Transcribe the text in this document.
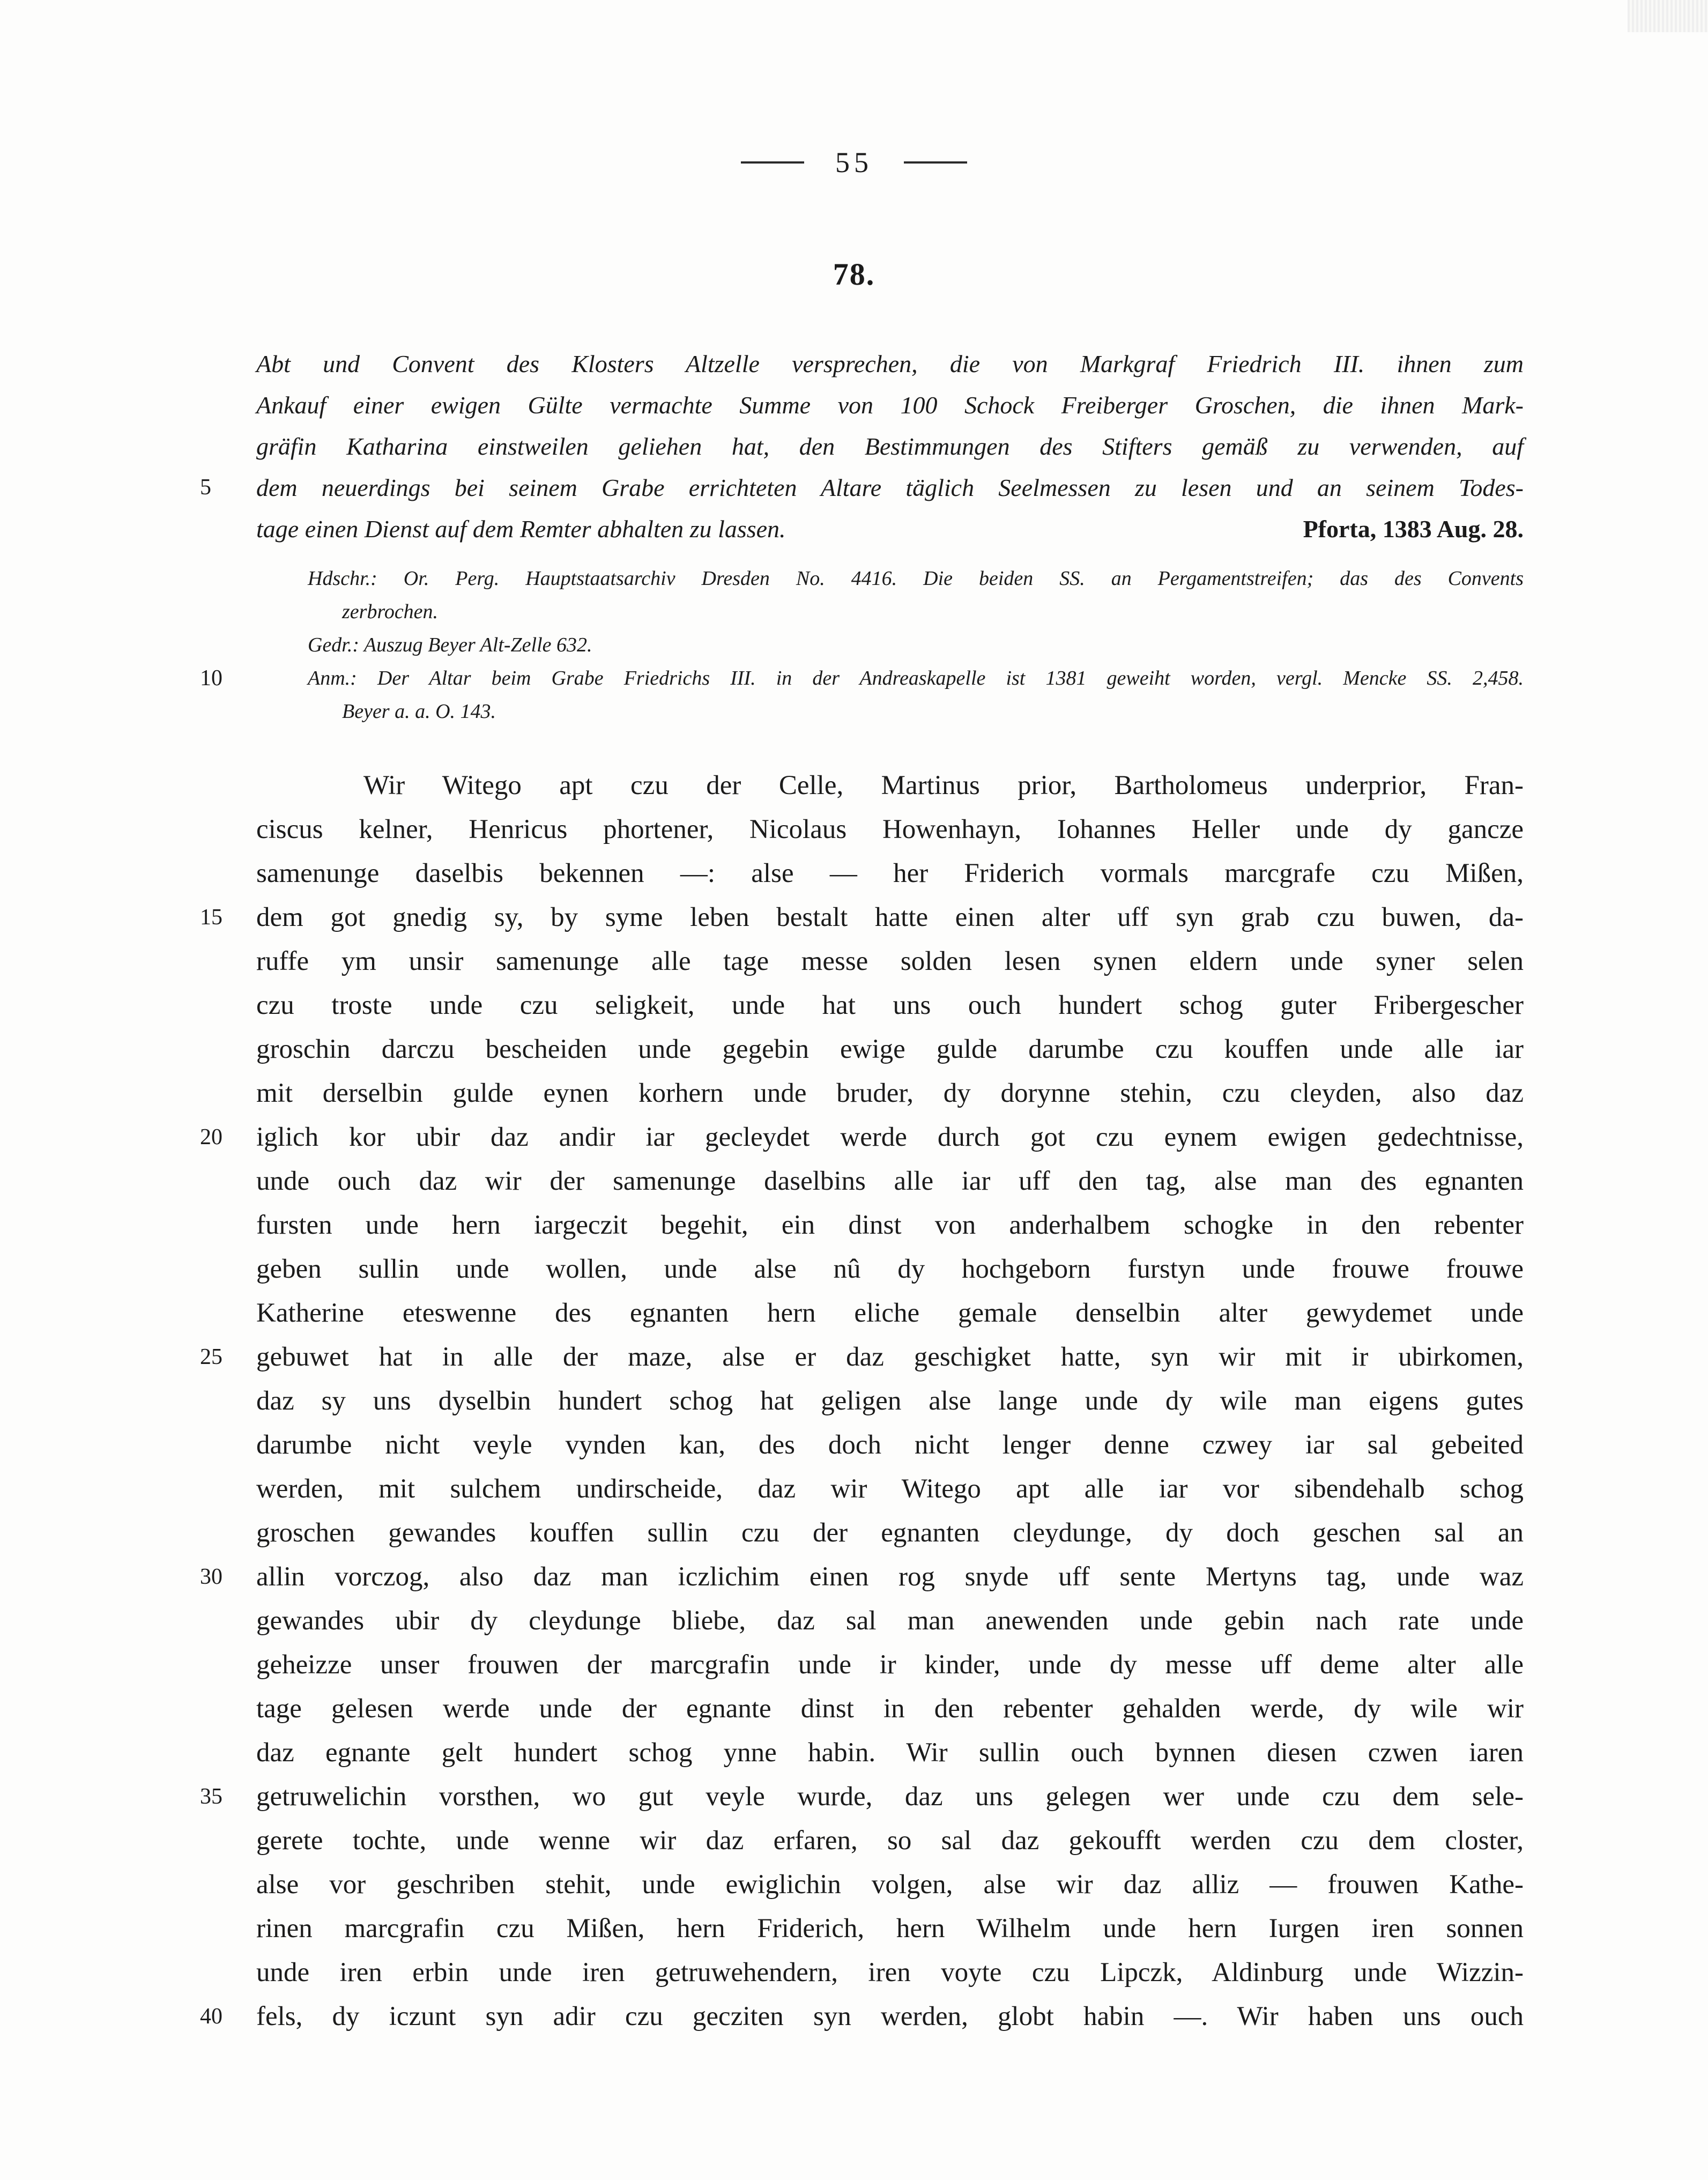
55
78.
Abt und Convent des Klosters Altzelle versprechen, die von Markgraf Friedrich III. ihnen zum
Ankauf einer ewigen Gülte vermachte Summe von 100 Schock Freiberger Groschen, die ihnen Mark-
gräfin Katharina einstweilen geliehen hat, den Bestimmungen des Stifters gemäß zu verwenden, auf
5	dem neuerdings bei seinem Grabe errichteten Altare täglich Seelmessen zu lesen und an seinem Todes-
tage einen Dienst auf dem Remter abhalten zu lassen.	Pforta, 1383 Aug. 28.
Hdschr.: Or. Perg. Hauptstaatsarchiv Dresden No. 4416. Die beiden SS. an Pergamentstreifen; das des Convents
zerbrochen.
Gedr.: Auszug Beyer Alt-Zelle 632.
10	Anm.: Der Altar beim Grabe Friedrichs III. in der Andreaskapelle ist 1381 geweiht worden, vergl. Mencke SS. 2,458.
Beyer a. a. O. 143.
Wir Witego apt czu der Celle, Martinus prior, Bartholomeus underprior, Fran-
ciscus kelner, Henricus phortener, Nicolaus Howenhayn, Iohannes Heller unde dy gancze
samenunge daselbis bekennen —: alse — her Friderich vormals marcgrafe czu Mißen,
15	dem got gnedig sy, by syme leben bestalt hatte einen alter uff syn grab czu buwen, da-
ruffe ym unsir samenunge alle tage messe solden lesen synen eldern unde syner selen
czu troste unde czu seligkeit, unde hat uns ouch hundert schog guter Fribergescher
groschin darczu bescheiden unde gegebin ewige gulde darumbe czu kouffen unde alle iar
mit derselbin gulde eynen korhern unde bruder, dy dorynne stehin, czu cleyden, also daz
20	iglich kor ubir daz andir iar gecleydet werde durch got czu eynem ewigen gedechtnisse,
unde ouch daz wir der samenunge daselbins alle iar uff den tag, alse man des egnanten
fursten unde hern iargeczit begehit, ein dinst von anderhalbem schogke in den rebenter
geben sullin unde wollen, unde alse nû dy hochgeborn furstyn unde frouwe frouwe
Katherine eteswenne des egnanten hern eliche gemale denselbin alter gewydemet unde
25	gebuwet hat in alle der maze, alse er daz geschigket hatte, syn wir mit ir ubirkomen,
daz sy uns dyselbin hundert schog hat geligen alse lange unde dy wile man eigens gutes
darumbe nicht veyle vynden kan, des doch nicht lenger denne czwey iar sal gebeited
werden, mit sulchem undirscheide, daz wir Witego apt alle iar vor sibendehalb schog
groschen gewandes kouffen sullin czu der egnanten cleydunge, dy doch geschen sal an
30	allin vorczog, also daz man iczlichim einen rog snyde uff sente Mertyns tag, unde waz
gewandes ubir dy cleydunge bliebe, daz sal man anewenden unde gebin nach rate unde
geheizze unser frouwen der marcgrafin unde ir kinder, unde dy messe uff deme alter alle
tage gelesen werde unde der egnante dinst in den rebenter gehalden werde, dy wile wir
daz egnante gelt hundert schog ynne habin. Wir sullin ouch bynnen diesen czwen iaren
35	getruwelichin vorsthen, wo gut veyle wurde, daz uns gelegen wer unde czu dem sele-
gerete tochte, unde wenne wir daz erfaren, so sal daz gekoufft werden czu dem closter,
alse vor geschriben stehit, unde ewiglichin volgen, alse wir daz alliz — frouwen Kathe-
rinen marcgrafin czu Mißen, hern Friderich, hern Wilhelm unde hern Iurgen iren sonnen
unde iren erbin unde iren getruwehendern, iren voyte czu Lipczk, Aldinburg unde Wizzin-
40	fels, dy iczunt syn adir czu gecziten syn werden, globt habin —. Wir haben uns ouch
